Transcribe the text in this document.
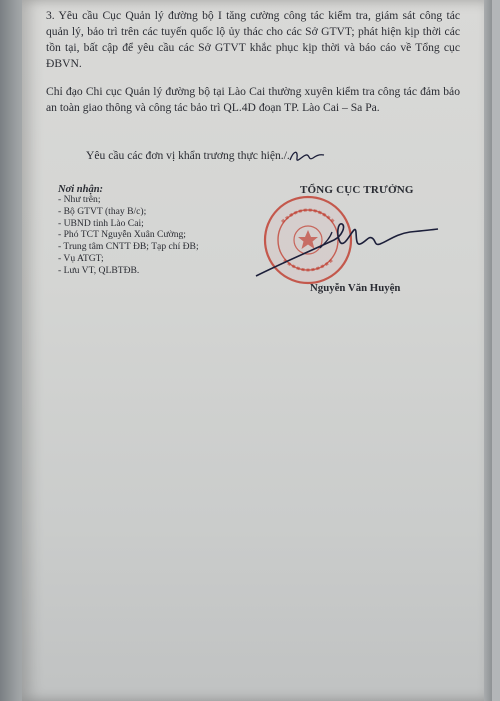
3. Yêu cầu Cục Quản lý đường bộ I tăng cường công tác kiểm tra, giám sát công tác quản lý, bảo trì trên các tuyến quốc lộ ủy thác cho các Sở GTVT; phát hiện kịp thời các tồn tại, bất cập để yêu cầu các Sở GTVT khắc phục kịp thời và báo cáo về Tổng cục ĐBVN.

Chỉ đạo Chi cục Quản lý đường bộ tại Lào Cai thường xuyên kiểm tra công tác đảm bảo an toàn giao thông và công tác bảo trì QL.4D đoạn TP. Lào Cai – Sa Pa.

Yêu cầu các đơn vị khẩn trương thực hiện./.

Nơi nhận:
- Như trên;
- Bộ GTVT (thay B/c);
- UBND tỉnh Lào Cai;
- Phó TCT Nguyễn Xuân Cường;
- Trung tâm CNTT ĐB; Tạp chí ĐB;
- Vụ ATGT;
- Lưu VT, QLBTĐB.
TỔNG CỤC TRƯỞNG
Nguyễn Văn Huyện
